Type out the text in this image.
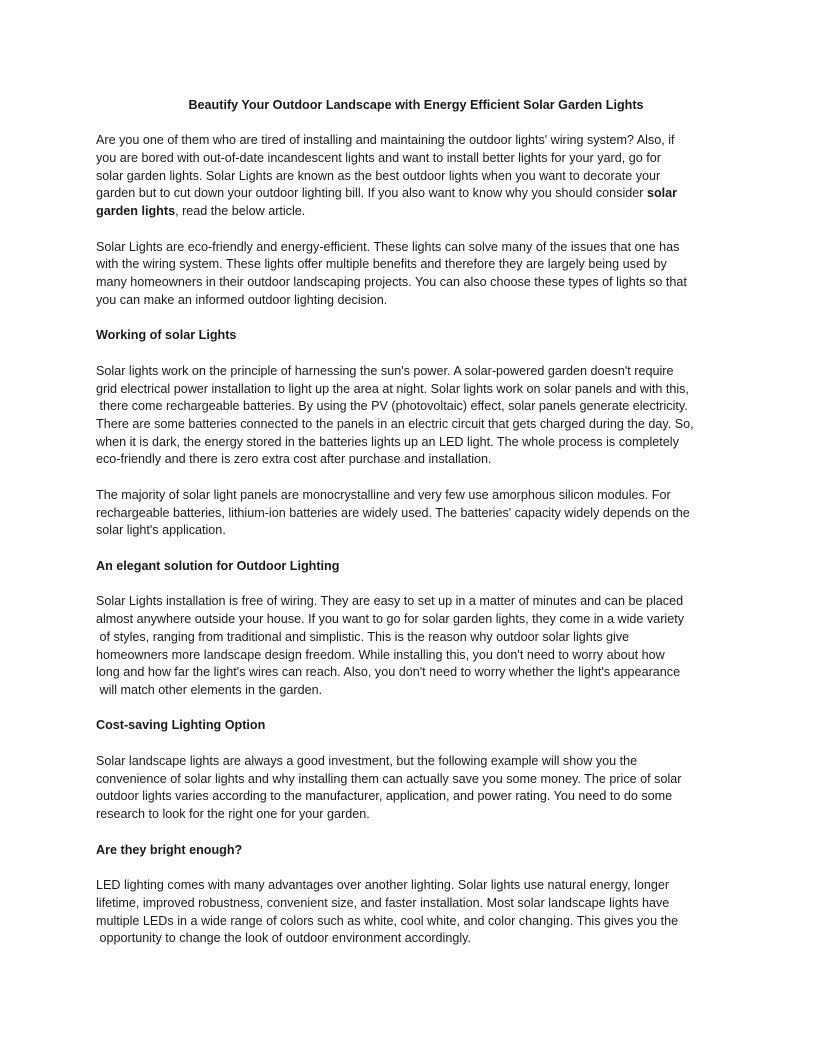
Beautify Your Outdoor Landscape with Energy Efficient Solar Garden Lights
Are you one of them who are tired of installing and maintaining the outdoor lights' wiring system? Also, if
you are bored with out-of-date incandescent lights and want to install better lights for your yard, go for
solar garden lights. Solar Lights are known as the best outdoor lights when you want to decorate your
garden but to cut down your outdoor lighting bill. If you also want to know why you should consider solar
garden lights, read the below article.
Solar Lights are eco-friendly and energy-efficient. These lights can solve many of the issues that one has
with the wiring system. These lights offer multiple benefits and therefore they are largely being used by
many homeowners in their outdoor landscaping projects. You can also choose these types of lights so that
you can make an informed outdoor lighting decision.
Working of solar Lights
Solar lights work on the principle of harnessing the sun's power. A solar-powered garden doesn't require
grid electrical power installation to light up the area at night. Solar lights work on solar panels and with this,
there come rechargeable batteries. By using the PV (photovoltaic) effect, solar panels generate electricity.
There are some batteries connected to the panels in an electric circuit that gets charged during the day. So,
when it is dark, the energy stored in the batteries lights up an LED light. The whole process is completely
eco-friendly and there is zero extra cost after purchase and installation.
The majority of solar light panels are monocrystalline and very few use amorphous silicon modules. For
rechargeable batteries, lithium-ion batteries are widely used. The batteries' capacity widely depends on the
solar light's application.
An elegant solution for Outdoor Lighting
Solar Lights installation is free of wiring. They are easy to set up in a matter of minutes and can be placed
almost anywhere outside your house. If you want to go for solar garden lights, they come in a wide variety
of styles, ranging from traditional and simplistic. This is the reason why outdoor solar lights give
homeowners more landscape design freedom. While installing this, you don't need to worry about how
long and how far the light's wires can reach. Also, you don't need to worry whether the light's appearance
will match other elements in the garden.
Cost-saving Lighting Option
Solar landscape lights are always a good investment, but the following example will show you the
convenience of solar lights and why installing them can actually save you some money. The price of solar
outdoor lights varies according to the manufacturer, application, and power rating. You need to do some
research to look for the right one for your garden.
Are they bright enough?
LED lighting comes with many advantages over another lighting. Solar lights use natural energy, longer
lifetime, improved robustness, convenient size, and faster installation. Most solar landscape lights have
multiple LEDs in a wide range of colors such as white, cool white, and color changing. This gives you the
opportunity to change the look of outdoor environment accordingly.
